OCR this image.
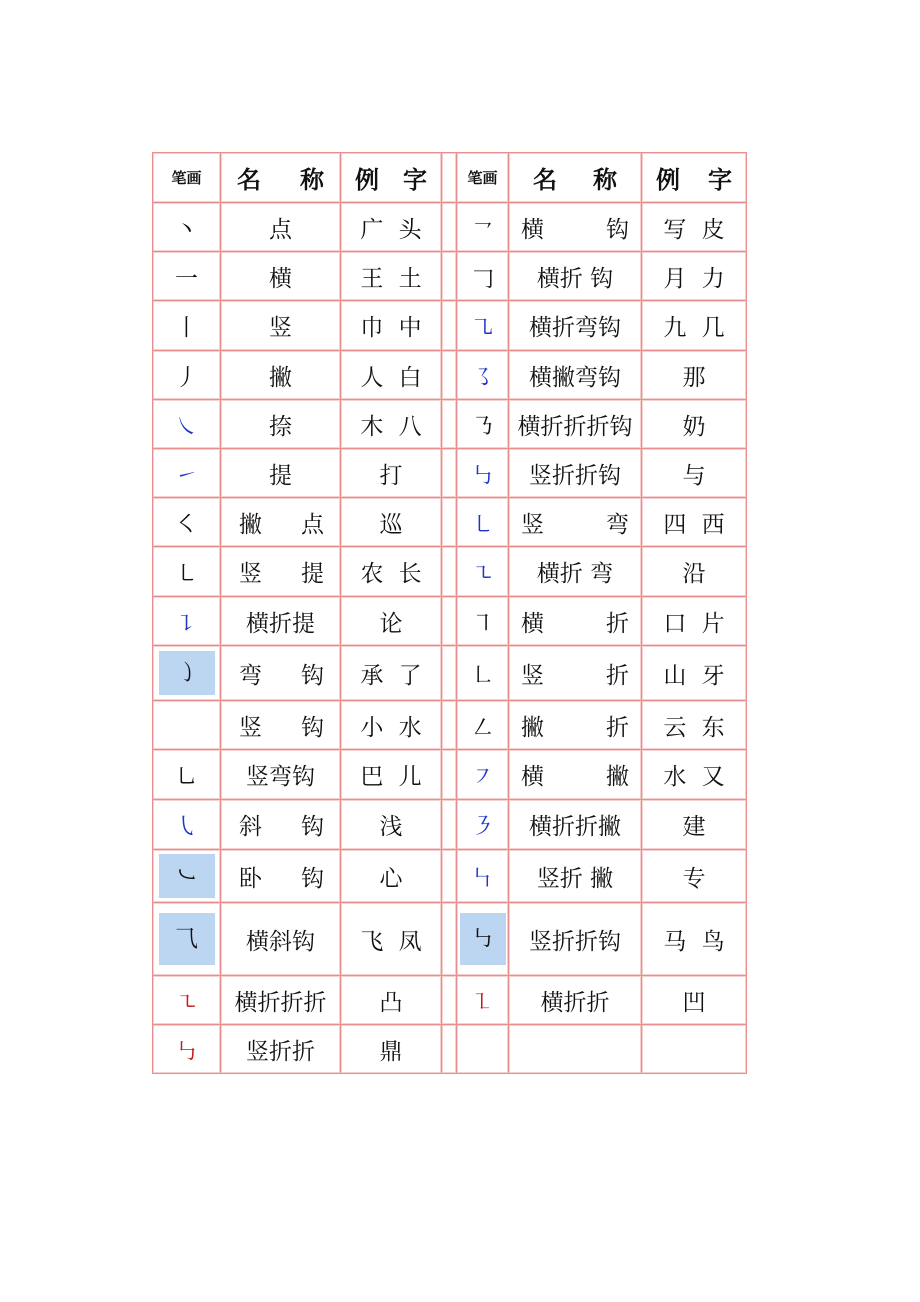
笔画	名 称	例 字		笔画	名 称	例 字

丶	点	广 头		㇖	横 钩	写 皮
一	横	王 土		𠃌	横折 钩	月 力
丨	竖	巾 中		㇈	横折弯钩	九 几
丿	撇	人 白		㇌	横撇弯钩	那
㇏	捺	木 八		㇡	横折折折钩	奶
㇀	提	打		㇉	竖折折钩	与
㇛	撇 点	巡		㇄	竖 弯	四 西
㇄	竖 提	农 长		㇍	横折 弯	沿
㇊	横折提	论		㇕	横 折	口 片
㇁	弯 钩	承 了		㇗	竖 折	山 牙

	竖 钩	小 水		㇜	撇 折	云 东
㇟	竖弯钩	巴 儿		㇇	横 撇	水 又
㇂	斜 钩	浅		㇋	横折折撇	建
㇃	卧 钩	心		㇞	竖折 撇	专
⺄	横斜钩	飞 凤		㇉	竖折折钩	马 鸟
㇍	横折折折	凸		㇅	横折折	凹
㇉	竖折折	鼎			
